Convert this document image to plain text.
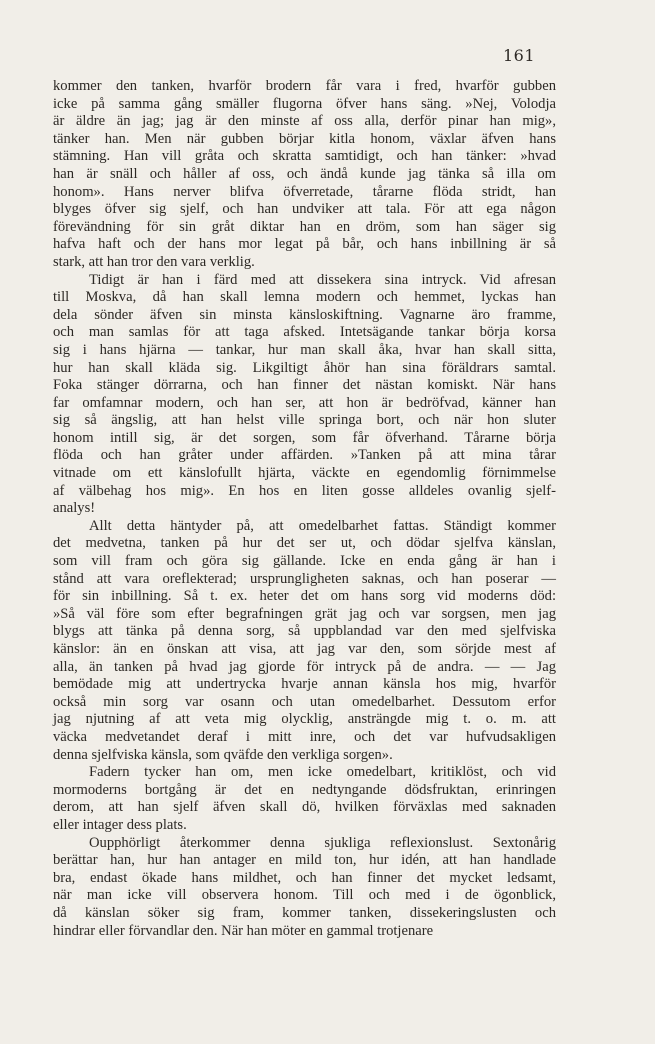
161
kommer den tanken, hvarför brodern får vara i fred, hvarför gubben
icke på samma gång smäller flugorna öfver hans säng. »Nej, Volodja
är äldre än jag; jag är den minste af oss alla, derför pinar han mig»,
tänker han. Men när gubben börjar kitla honom, växlar äfven hans
stämning. Han vill gråta och skratta samtidigt, och han tänker: »hvad
han är snäll och håller af oss, och ändå kunde jag tänka så illa om
honom». Hans nerver blifva öfverretade, tårarne flöda stridt, han
blyges öfver sig sjelf, och han undviker att tala. För att ega någon
förevändning för sin gråt diktar han en dröm, som han säger sig
hafva haft och der hans mor legat på bår, och hans inbillning är så
stark, att han tror den vara verklig.
Tidigt är han i färd med att dissekera sina intryck. Vid afresan
till Moskva, då han skall lemna modern och hemmet, lyckas han
dela sönder äfven sin minsta känsloskiftning. Vagnarne äro framme,
och man samlas för att taga afsked. Intetsägande tankar börja korsa
sig i hans hjärna — tankar, hur man skall åka, hvar han skall sitta,
hur han skall kläda sig. Likgiltigt åhör han sina föräldrars samtal.
Foka stänger dörrarna, och han finner det nästan komiskt. När hans
far omfamnar modern, och han ser, att hon är bedröfvad, känner han
sig så ängslig, att han helst ville springa bort, och när hon sluter
honom intill sig, är det sorgen, som får öfverhand. Tårarne börja
flöda och han gråter under affärden. »Tanken på att mina tårar
vitnade om ett känslofullt hjärta, väckte en egendomlig förnimmelse
af välbehag hos mig». En hos en liten gosse alldeles ovanlig sjelf-
analys!
Allt detta häntyder på, att omedelbarhet fattas. Ständigt kommer
det medvetna, tanken på hur det ser ut, och dödar sjelfva känslan,
som vill fram och göra sig gällande. Icke en enda gång är han i
stånd att vara oreflekterad; ursprungligheten saknas, och han poserar —
för sin inbillning. Så t. ex. heter det om hans sorg vid moderns död:
»Så väl före som efter begrafningen grät jag och var sorgsen, men jag
blygs att tänka på denna sorg, så uppblandad var den med sjelfviska
känslor: än en önskan att visa, att jag var den, som sörjde mest af
alla, än tanken på hvad jag gjorde för intryck på de andra. — — Jag
bemödade mig att undertrycka hvarje annan känsla hos mig, hvarför
också min sorg var osann och utan omedelbarhet. Dessutom erfor
jag njutning af att veta mig olycklig, ansträngde mig t. o. m. att
väcka medvetandet deraf i mitt inre, och det var hufvudsakligen
denna sjelfviska känsla, som qväfde den verkliga sorgen».
Fadern tycker han om, men icke omedelbart, kritiklöst, och vid
mormoderns bortgång är det en nedtyngande dödsfruktan, erinringen
derom, att han sjelf äfven skall dö, hvilken förväxlas med saknaden
eller intager dess plats.
Oupphörligt återkommer denna sjukliga reflexionslust. Sextonårig
berättar han, hur han antager en mild ton, hur idén, att han handlade
bra, endast ökade hans mildhet, och han finner det mycket ledsamt,
när man icke vill observera honom. Till och med i de ögonblick,
då känslan söker sig fram, kommer tanken, dissekeringslusten och
hindrar eller förvandlar den. När han möter en gammal trotjenare
